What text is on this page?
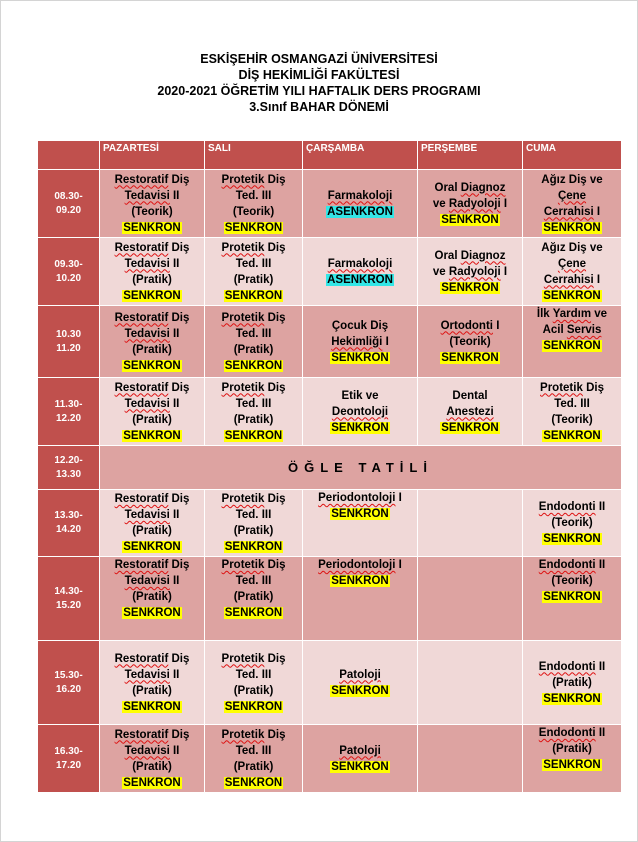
ESKİŞEHİR OSMANGAZİ ÜNİVERSİTESİ
DİŞ HEKİMLİĞİ FAKÜLTESİ
2020-2021 ÖĞRETİM YILI HAFTALIK DERS PROGRAMI
3.Sınıf BAHAR DÖNEMİ
	PAZARTESİ	SALI	ÇARŞAMBA	PERŞEMBE	CUMA

08.30-
09.20	Restoratif Diş
Tedavisi II
(Teorik)
SENKRON	Protetik Diş
Ted. III
(Teorik)
SENKRON	Farmakoloji
ASENKRON	Oral Diagnoz
ve Radyoloji I
SENKRON	Ağız Diş ve
Çene
Cerrahisi I
SENKRON

09.30-
10.20	Restoratif Diş
Tedavisi II
(Pratik)
SENKRON	Protetik Diş
Ted. III
(Pratik)
SENKRON	Farmakoloji
ASENKRON	Oral Diagnoz
ve Radyoloji I
SENKRON	Ağız Diş ve
Çene
Cerrahisi I
SENKRON

10.30
11.20	Restoratif Diş
Tedavisi II
(Pratik)
SENKRON	Protetik Diş
Ted. III
(Pratik)
SENKRON	Çocuk Diş
Hekimliği I
SENKRON	Ortodonti I
(Teorik)
SENKRON	İlk Yardım ve
Acil Servis
SENKRON

11.30-
12.20	Restoratif Diş
Tedavisi II
(Pratik)
SENKRON	Protetik Diş
Ted. III
(Pratik)
SENKRON	Etik ve
Deontoloji
SENKRON	Dental
Anestezi
SENKRON	Protetik Diş
Ted. III
(Teorik)
SENKRON

12.20-
13.30	ÖĞLE TATİLİ				

13.30-
14.20	Restoratif Diş
Tedavisi II
(Pratik)
SENKRON	Protetik Diş
Ted. III
(Pratik)
SENKRON	Periodontoloji I
SENKRON		Endodonti II
(Teorik)
SENKRON

14.30-
15.20	Restoratif Diş
Tedavisi II
(Pratik)
SENKRON	Protetik Diş
Ted. III
(Pratik)
SENKRON	Periodontoloji I
SENKRON		Endodonti II
(Teorik)
SENKRON

15.30-
16.20	Restoratif Diş
Tedavisi II
(Pratik)
SENKRON	Protetik Diş
Ted. III
(Pratik)
SENKRON	Patoloji
SENKRON		Endodonti II
(Pratik)
SENKRON

16.30-
17.20	Restoratif Diş
Tedavisi II
(Pratik)
SENKRON	Protetik Diş
Ted. III
(Pratik)
SENKRON	Patoloji
SENKRON		Endodonti II
(Pratik)
SENKRON
